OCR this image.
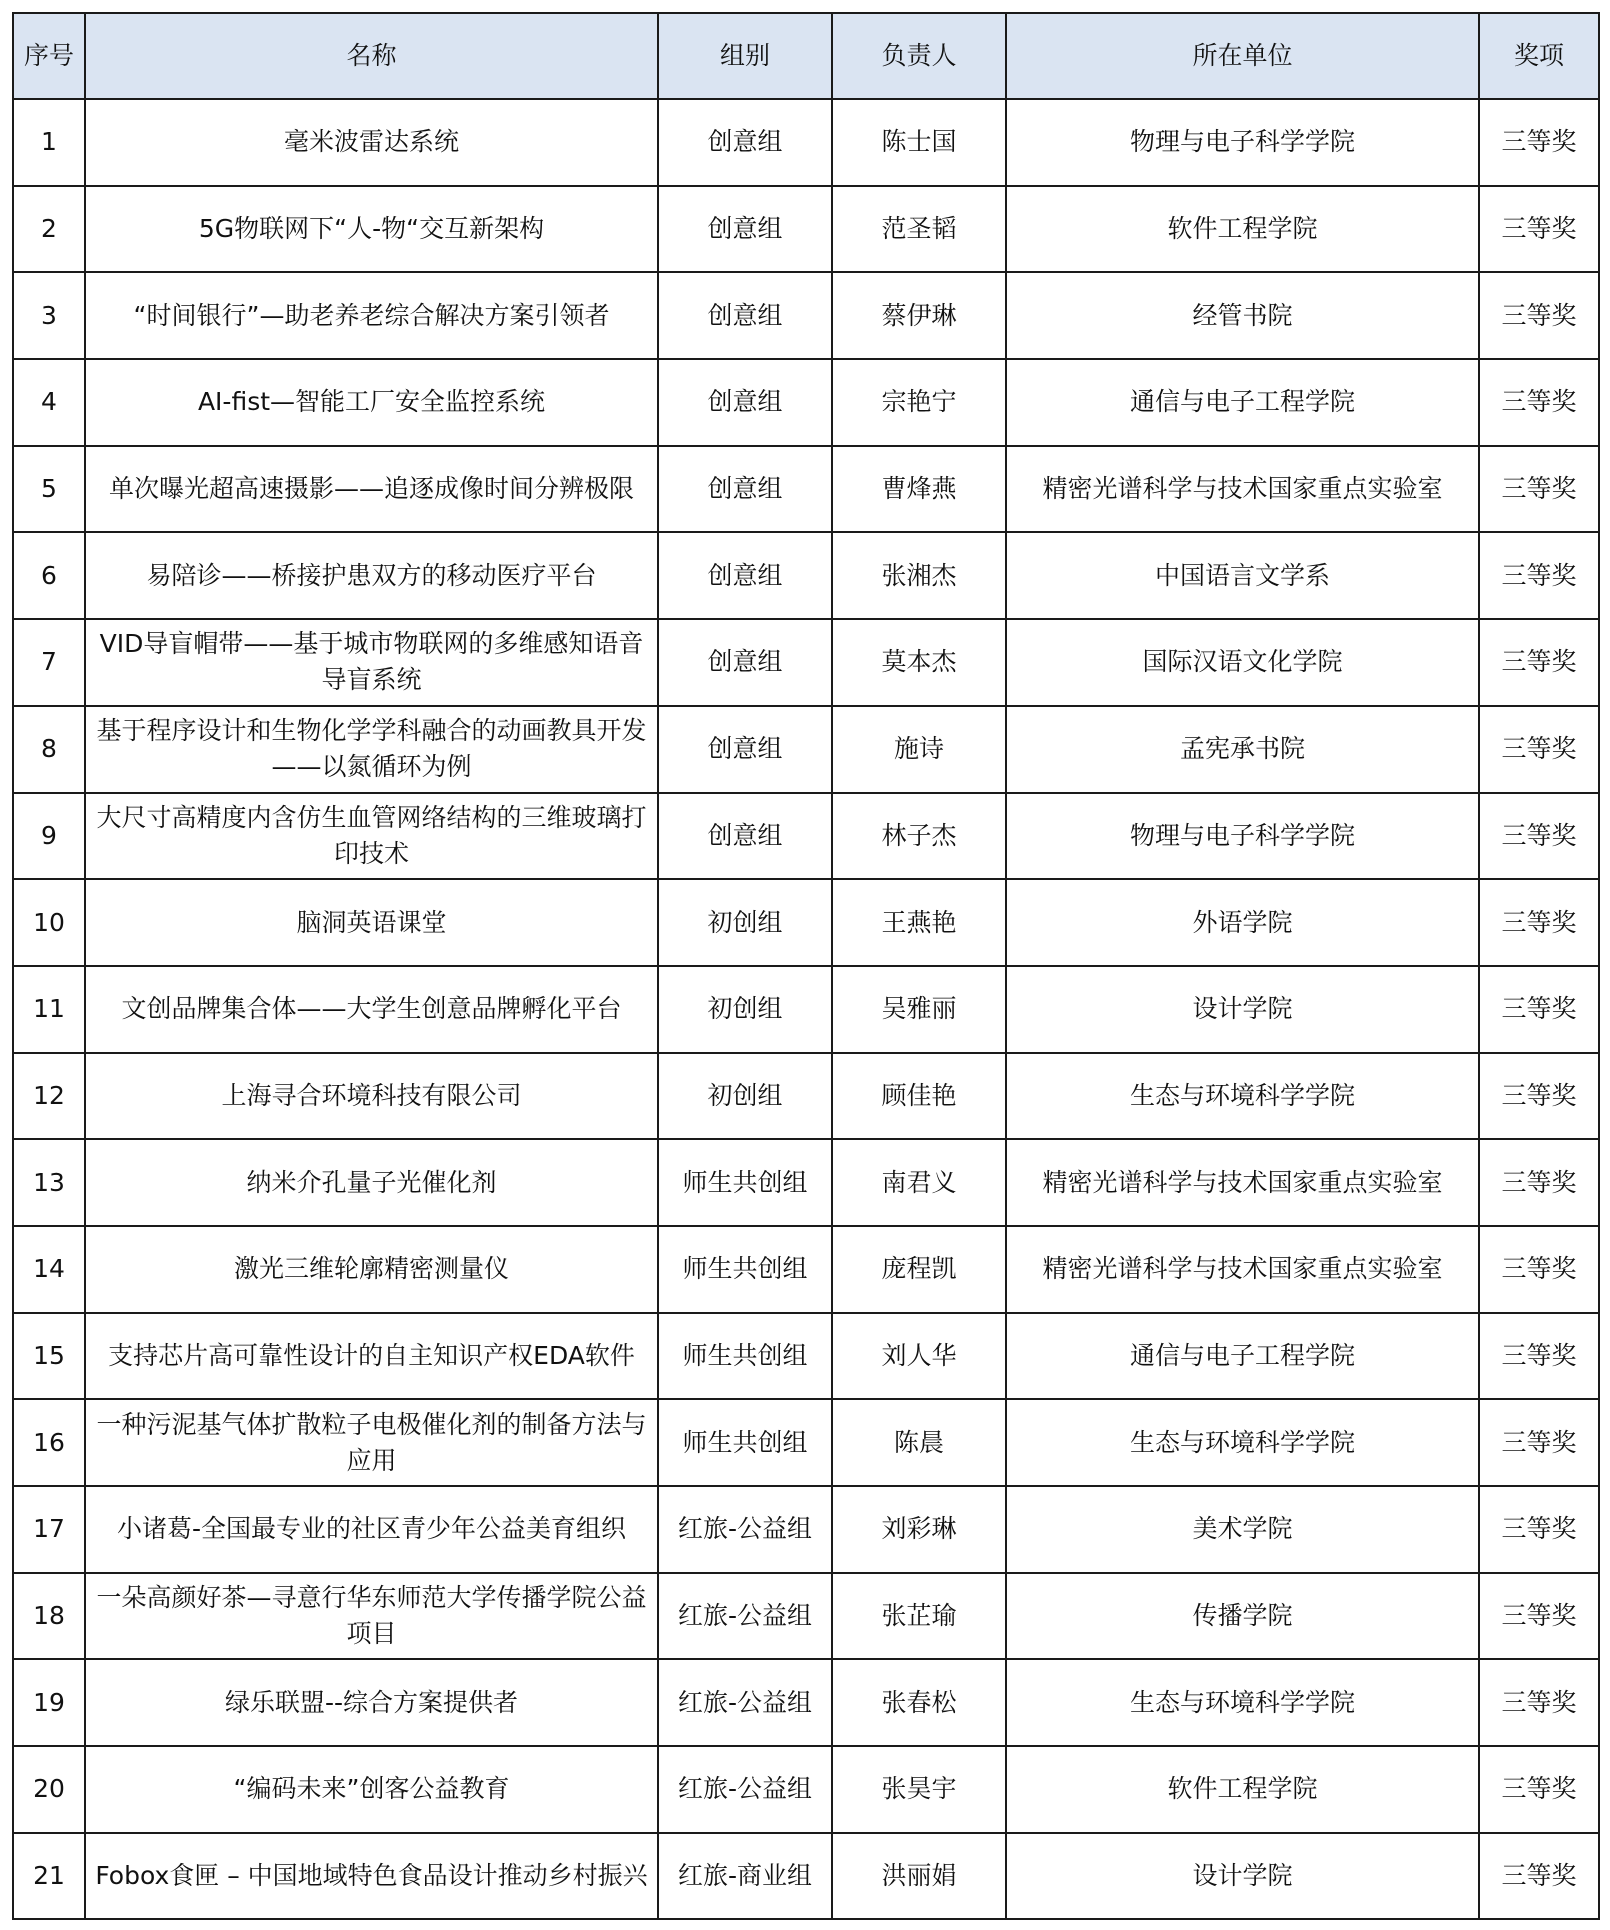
序号	名称	组别	负责人	所在单位	奖项
1	毫米波雷达系统	创意组	陈士国	物理与电子科学学院	三等奖
2	5G物联网下“人-物“交互新架构	创意组	范圣韬	软件工程学院	三等奖
3	“时间银行”—助老养老综合解决方案引领者	创意组	蔡伊琳	经管书院	三等奖
4	AI-fist—智能工厂安全监控系统	创意组	宗艳宁	通信与电子工程学院	三等奖
5	单次曝光超高速摄影——追逐成像时间分辨极限	创意组	曹烽燕	精密光谱科学与技术国家重点实验室	三等奖
6	易陪诊——桥接护患双方的移动医疗平台	创意组	张湘杰	中国语言文学系	三等奖
7	VID导盲帽带——基于城市物联网的多维感知语音导盲系统	创意组	莫本杰	国际汉语文化学院	三等奖
8	基于程序设计和生物化学学科融合的动画教具开发——以氮循环为例	创意组	施诗	孟宪承书院	三等奖
9	大尺寸高精度内含仿生血管网络结构的三维玻璃打印技术	创意组	林子杰	物理与电子科学学院	三等奖
10	脑洞英语课堂	初创组	王燕艳	外语学院	三等奖
11	文创品牌集合体——大学生创意品牌孵化平台	初创组	吴雅丽	设计学院	三等奖
12	上海寻合环境科技有限公司	初创组	顾佳艳	生态与环境科学学院	三等奖
13	纳米介孔量子光催化剂	师生共创组	南君义	精密光谱科学与技术国家重点实验室	三等奖
14	激光三维轮廓精密测量仪	师生共创组	庞程凯	精密光谱科学与技术国家重点实验室	三等奖
15	支持芯片高可靠性设计的自主知识产权EDA软件	师生共创组	刘人华	通信与电子工程学院	三等奖
16	一种污泥基气体扩散粒子电极催化剂的制备方法与应用	师生共创组	陈晨	生态与环境科学学院	三等奖
17	小诸葛-全国最专业的社区青少年公益美育组织	红旅-公益组	刘彩琳	美术学院	三等奖
18	一朵高颜好茶—寻意行华东师范大学传播学院公益项目	红旅-公益组	张芷瑜	传播学院	三等奖
19	绿乐联盟--综合方案提供者	红旅-公益组	张春松	生态与环境科学学院	三等奖
20	“编码未来”创客公益教育	红旅-公益组	张昊宇	软件工程学院	三等奖
21	Fobox食匣 – 中国地域特色食品设计推动乡村振兴	红旅-商业组	洪丽娟	设计学院	三等奖
